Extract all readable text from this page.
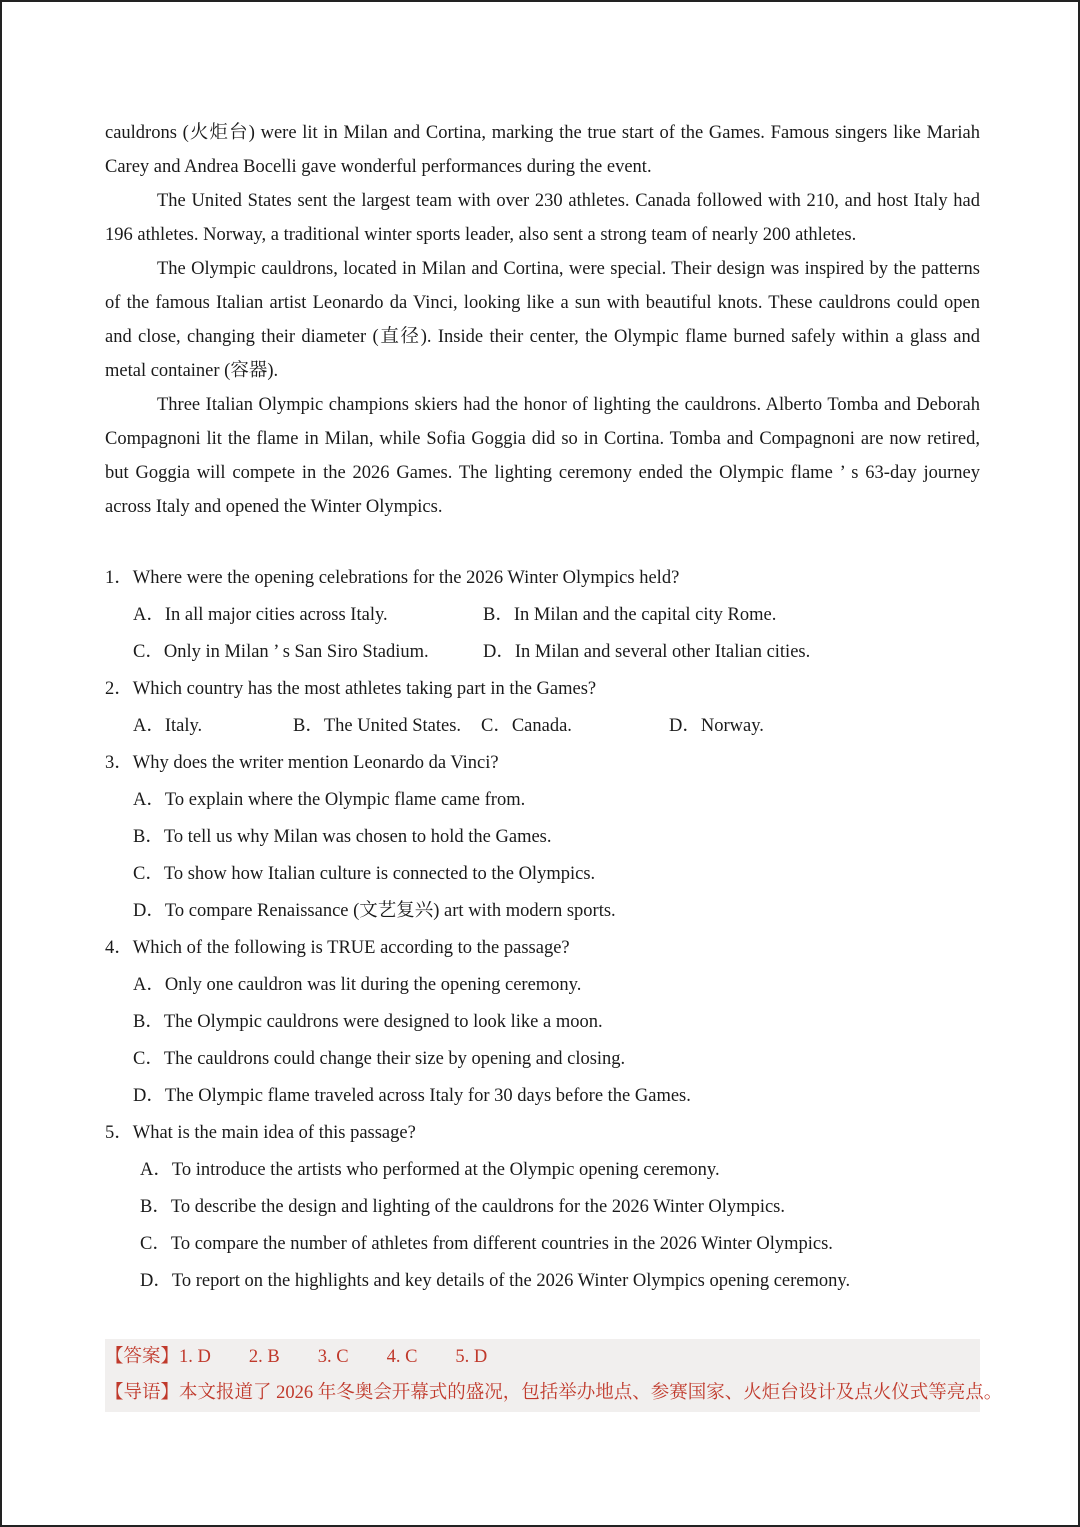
cauldrons (火炬台) were lit in Milan and Cortina, marking the true start of the Games. Famous singers like Mariah Carey and Andrea Bocelli gave wonderful performances during the event.

The United States sent the largest team with over 230 athletes. Canada followed with 210, and host Italy had 196 athletes. Norway, a traditional winter sports leader, also sent a strong team of nearly 200 athletes.

The Olympic cauldrons, located in Milan and Cortina, were special. Their design was inspired by the patterns of the famous Italian artist Leonardo da Vinci, looking like a sun with beautiful knots. These cauldrons could open and close, changing their diameter (直径). Inside their center, the Olympic flame burned safely within a glass and metal container (容器).

Three Italian Olympic champions skiers had the honor of lighting the cauldrons. Alberto Tomba and Deborah Compagnoni lit the flame in Milan, while Sofia Goggia did so in Cortina. Tomba and Compagnoni are now retired, but Goggia will compete in the 2026 Games. The lighting ceremony ended the Olympic flame ’ s 63-day journey across Italy and opened the Winter Olympics.

1．Where were the opening celebrations for the 2026 Winter Olympics held?

A．In all major cities across Italy.	B．In Milan and the capital city Rome.
C．Only in Milan ’ s San Siro Stadium.	D．In Milan and several other Italian cities.

2．Which country has the most athletes taking part in the Games?

A．Italy.	B．The United States.	C．Canada.	D．Norway.

3．Why does the writer mention Leonardo da Vinci?

A．To explain where the Olympic flame came from.

B．To tell us why Milan was chosen to hold the Games.

C．To show how Italian culture is connected to the Olympics.

D．To compare Renaissance (文艺复兴) art with modern sports.

4．Which of the following is TRUE according to the passage?

A．Only one cauldron was lit during the opening ceremony.

B．The Olympic cauldrons were designed to look like a moon.

C．The cauldrons could change their size by opening and closing.

D．The Olympic flame traveled across Italy for 30 days before the Games.

5．What is the main idea of this passage?

A．To introduce the artists who performed at the Olympic opening ceremony.

B．To describe the design and lighting of the cauldrons for the 2026 Winter Olympics.

C．To compare the number of athletes from different countries in the 2026 Winter Olympics.

D．To report on the highlights and key details of the 2026 Winter Olympics opening ceremony.

【答案】1. D 2. B 3. C 4. C 5. D
【导语】本文报道了 2026 年冬奥会开幕式的盛况，包括举办地点、参赛国家、火炬台设计及点火仪式等亮点。
